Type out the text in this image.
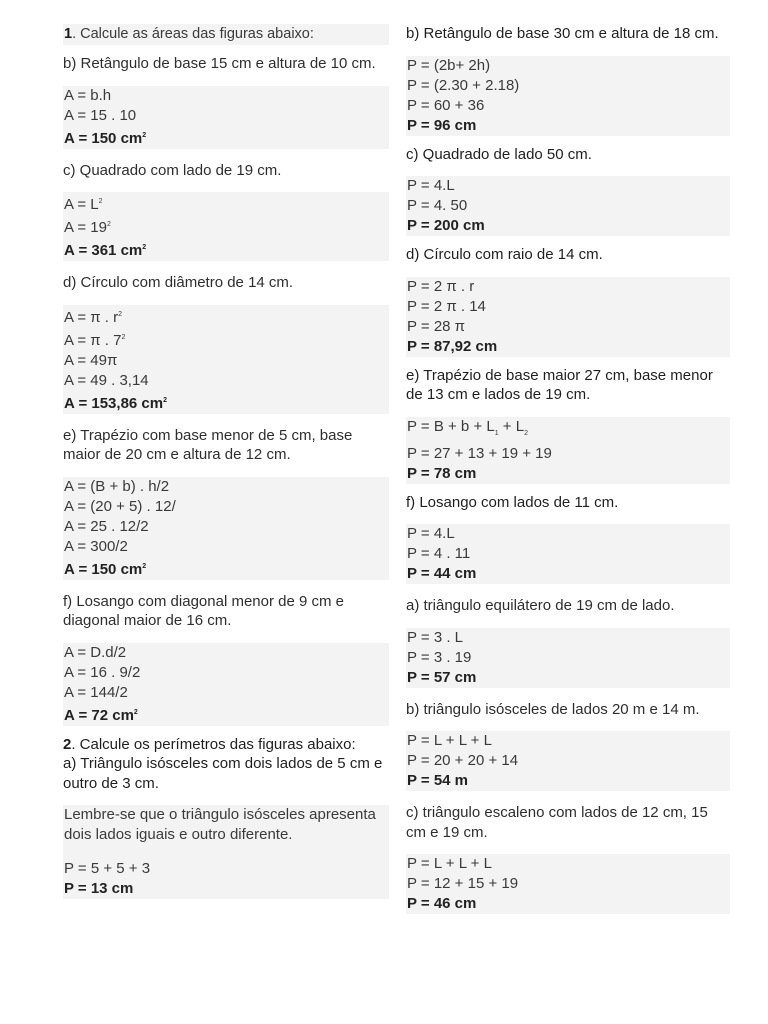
1. Calcule as áreas das figuras abaixo:
b) Retângulo de base 15 cm e altura de 10 cm.
A = b.h
A = 15 . 10
A = 150 $cm^2$
c) Quadrado com lado de 19 cm.
$A = L^2$
$A = 19^2$
A = 361 $cm^2$
d) Círculo com diâmetro de 14 cm.
A = π . $r^2$
A = π . $7^2$
A = 49π
A = 49 . 3,14
A = 153,86 $cm^2$
e) Trapézio com base menor de 5 cm, base maior de 20 cm e altura de 12 cm.
A = (B + b) . h/2
A = (20 + 5) . 12/
A = 25 . 12/2
A = 300/2
A = 150 $cm^2$
f) Losango com diagonal menor de 9 cm e diagonal maior de 16 cm.
A = D.d/2
A = 16 . 9/2
A = 144/2
A = 72 $cm^2$
2. Calcule os perímetros das figuras abaixo:
a) Triângulo isósceles com dois lados de 5 cm e outro de 3 cm.
Lembre-se que o triângulo isósceles apresenta dois lados iguais e outro diferente.
P = 5 + 5 + 3
P = 13 cm
b) Retângulo de base 30 cm e altura de 18 cm.
P = (2b+ 2h)
P = (2.30 + 2.18)
P = 60 + 36
P = 96 cm
c) Quadrado de lado 50 cm.
P = 4.L
P = 4. 50
P = 200 cm
d) Círculo com raio de 14 cm.
P = 2 π . r
P = 2 π . 14
P = 28 π
P = 87,92 cm
e) Trapézio de base maior 27 cm, base menor de 13 cm e lados de 19 cm.
$P = B + b + L_1 + L_2$
P = 27 + 13 + 19 + 19
P = 78 cm
f) Losango com lados de 11 cm.
P = 4.L
P = 4 . 11
P = 44 cm
a) triângulo equilátero de 19 cm de lado.
P = 3 . L
P = 3 . 19
P = 57 cm
b) triângulo isósceles de lados 20 m e 14 m.
P = L + L + L
P = 20 + 20 + 14
P = 54 m
c) triângulo escaleno com lados de 12 cm, 15 cm e 19 cm.
P = L + L + L
P = 12 + 15 + 19
P = 46 cm
